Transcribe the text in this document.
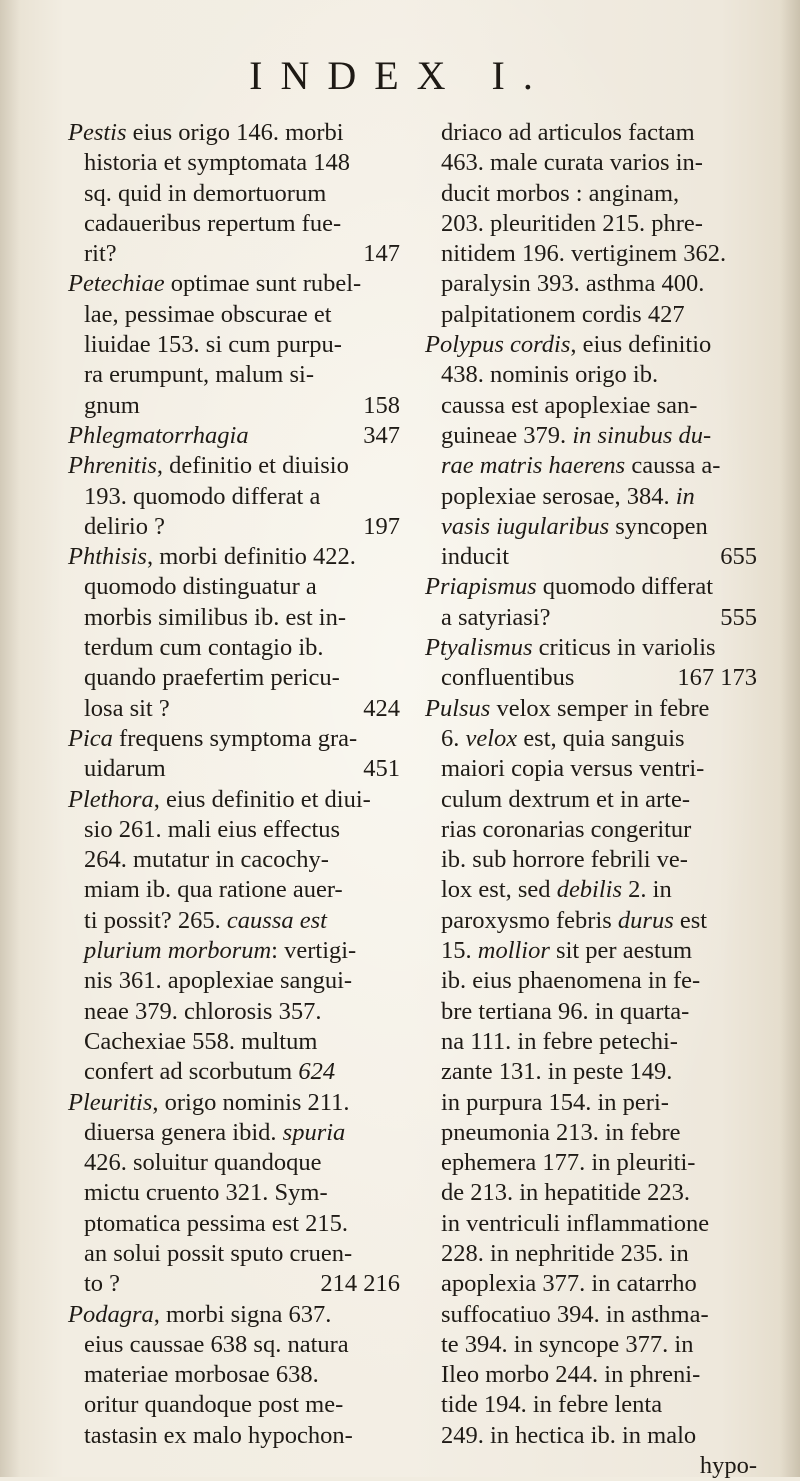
INDEX I.
Pestis eius origo 146. morbi
historia et symptomata 148
sq. quid in demortuorum
cadaueribus repertum fue-
rit?	147
Petechiae optimae sunt rubel-
lae, pessimae obscurae et
liuidae 153. si cum purpu-
ra erumpunt, malum si-
gnum	158
Phlegmatorrhagia	347
Phrenitis, definitio et diuisio
193. quomodo differat a
delirio ?	197
Phthisis, morbi definitio 422.
quomodo distinguatur a
morbis similibus ib. est in-
terdum cum contagio ib.
quando praefertim pericu-
losa sit ?	424
Pica frequens symptoma gra-
uidarum	451
Plethora, eius definitio et diui-
sio 261. mali eius effectus
264. mutatur in cacochy-
miam ib. qua ratione auer-
ti possit? 265. caussa est
plurium morborum: vertigi-
nis 361. apoplexiae sangui-
neae 379. chlorosis 357.
Cachexiae 558. multum
confert ad scorbutum 624
Pleuritis, origo nominis 211.
diuersa genera ibid. spuria
426. soluitur quandoque
mictu cruento 321. Sym-
ptomatica pessima est 215.
an solui possit sputo cruen-
to ?	214 216
Podagra, morbi signa 637.
eius caussae 638 sq. natura
materiae morbosae 638.
oritur quandoque post me-
tastasin ex malo hypochon-
driaco ad articulos factam
463. male curata varios in-
ducit morbos : anginam,
203. pleuritiden 215. phre-
nitidem 196. vertiginem 362.
paralysin 393. asthma 400.
palpitationem cordis 427
Polypus cordis, eius definitio
438. nominis origo ib.
caussa est apoplexiae san-
guineae 379. in sinubus du-
rae matris haerens caussa a-
poplexiae serosae, 384. in
vasis iugularibus syncopen
inducit	655
Priapismus quomodo differat
a satyriasi?	555
Ptyalismus criticus in variolis
confluentibus	167 173
Pulsus velox semper in febre
6. velox est, quia sanguis
maiori copia versus ventri-
culum dextrum et in arte-
rias coronarias congeritur
ib. sub horrore febrili ve-
lox est, sed debilis 2. in
paroxysmo febris durus est
15. mollior sit per aestum
ib. eius phaenomena in fe-
bre tertiana 96. in quarta-
na 111. in febre petechi-
zante 131. in peste 149.
in purpura 154. in peri-
pneumonia 213. in febre
ephemera 177. in pleuriti-
de 213. in hepatitide 223.
in ventriculi inflammatione
228. in nephritide 235. in
apoplexia 377. in catarrho
suffocatiuo 394. in asthma-
te 394. in syncope 377. in
Ileo morbo 244. in phreni-
tide 194. in febre lenta
249. in hectica ib. in malo
hypo-
